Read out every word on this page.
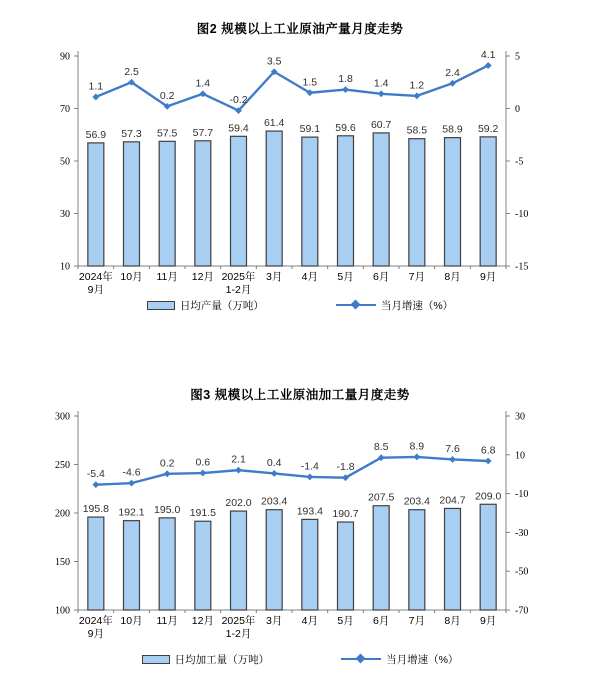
图2 规模以上工业原油产量月度走势
90
70
50
30
10
5
0
-5
-10
-15
56.9 57.3 57.5 57.7 59.4 61.4
59.1 59.6 60.7 58.5 58.9 59.2
1.1
2.5
0.2
1.4
-0.2
3.5
1.5 1.8 1.4 1.2
2.4
4.1
2024年
9月
10月 11月 12月 2025年
1-2月
3月 4月 5月 6月 7月 8月 9月
日均产量（万吨）	当月增速（%）
图3 规模以上工业原油加工量月度走势
300
250
200
150
100
30
10
-10
-30
-50
-70
195.8 192.1 195.0 191.5
202.0 203.4
193.4 190.7
207.5 203.4 204.7 209.0
-5.4 -4.6
0.2 0.6 2.1 0.4 -1.4 -1.8
8.5 8.9 7.6 6.8
2024年
9月
10月 11月 12月 2025年
1-2月
3月 4月 5月 6月 7月 8月 9月
日均加工量（万吨）	当月增速（%）
